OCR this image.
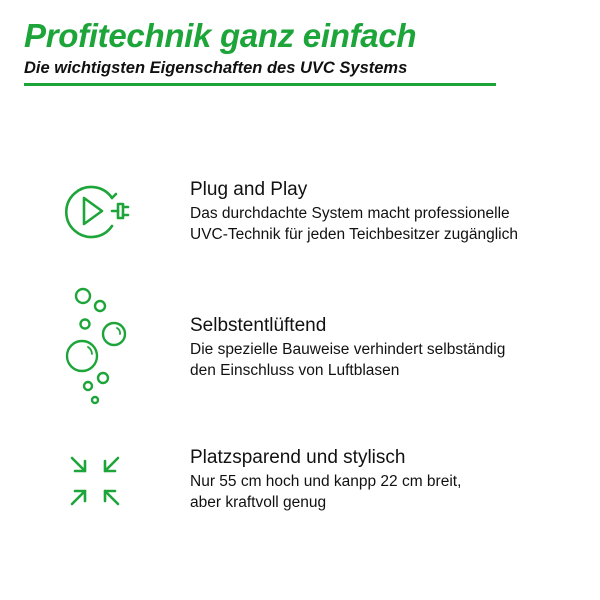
Profitechnik ganz einfach
Die wichtigsten Eigenschaften des UVC Systems
Plug and Play
Das durchdachte System macht professionelle
UVC-Technik für jeden Teichbesitzer zugänglich
Selbstentlüftend
Die spezielle Bauweise verhindert selbständig
den Einschluss von Luftblasen
Platzsparend und stylisch
Nur 55 cm hoch und kanpp 22 cm breit,
aber kraftvoll genug
